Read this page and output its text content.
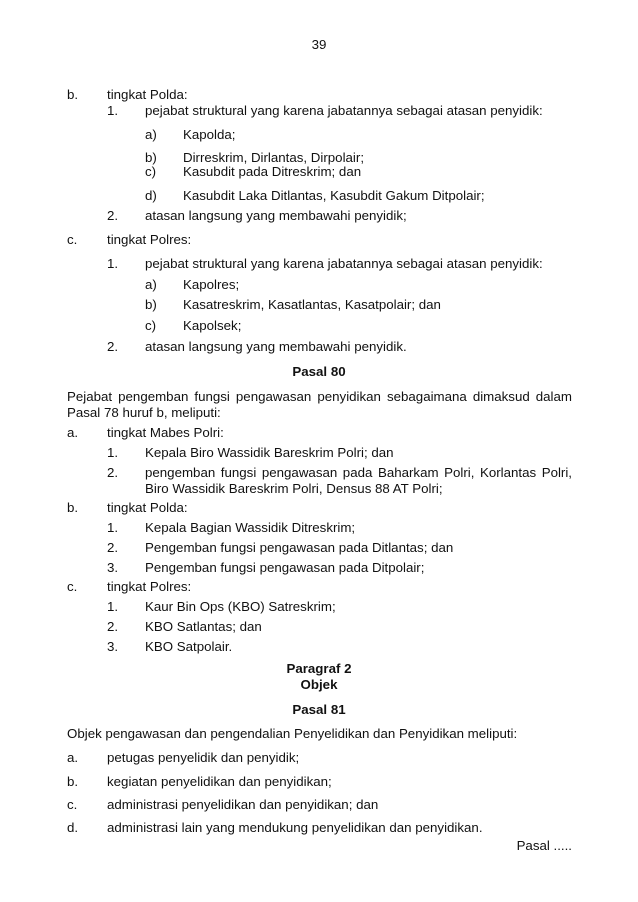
39
b. tingkat Polda:
1. pejabat struktural yang karena jabatannya sebagai atasan penyidik:
a) Kapolda;
b) Dirreskrim, Dirlantas, Dirpolair;
c) Kasubdit pada Ditreskrim; dan
d) Kasubdit Laka Ditlantas, Kasubdit Gakum Ditpolair;
2. atasan langsung yang membawahi penyidik;
c. tingkat Polres:
1. pejabat struktural yang karena jabatannya sebagai atasan penyidik:
a) Kapolres;
b) Kasatreskrim, Kasatlantas, Kasatpolair; dan
c) Kapolsek;
2. atasan langsung yang membawahi penyidik.
Pasal 80
Pejabat pengemban fungsi pengawasan penyidikan sebagaimana dimaksud dalam
Pasal 78 huruf b, meliputi:
a. tingkat Mabes Polri:
1. Kepala Biro Wassidik Bareskrim Polri; dan
2. pengemban fungsi pengawasan pada Baharkam Polri, Korlantas Polri,
Biro Wassidik Bareskrim Polri, Densus 88 AT Polri;
b. tingkat Polda:
1. Kepala Bagian Wassidik Ditreskrim;
2. Pengemban fungsi pengawasan pada Ditlantas; dan
3. Pengemban fungsi pengawasan pada Ditpolair;
c. tingkat Polres:
1. Kaur Bin Ops (KBO) Satreskrim;
2. KBO Satlantas; dan
3. KBO Satpolair.
Paragraf 2
Objek
Pasal 81
Objek pengawasan dan pengendalian Penyelidikan dan Penyidikan meliputi:
a. petugas penyelidik dan penyidik;
b. kegiatan penyelidikan dan penyidikan;
c. administrasi penyelidikan dan penyidikan; dan
d. administrasi lain yang mendukung penyelidikan dan penyidikan.
Pasal .....
